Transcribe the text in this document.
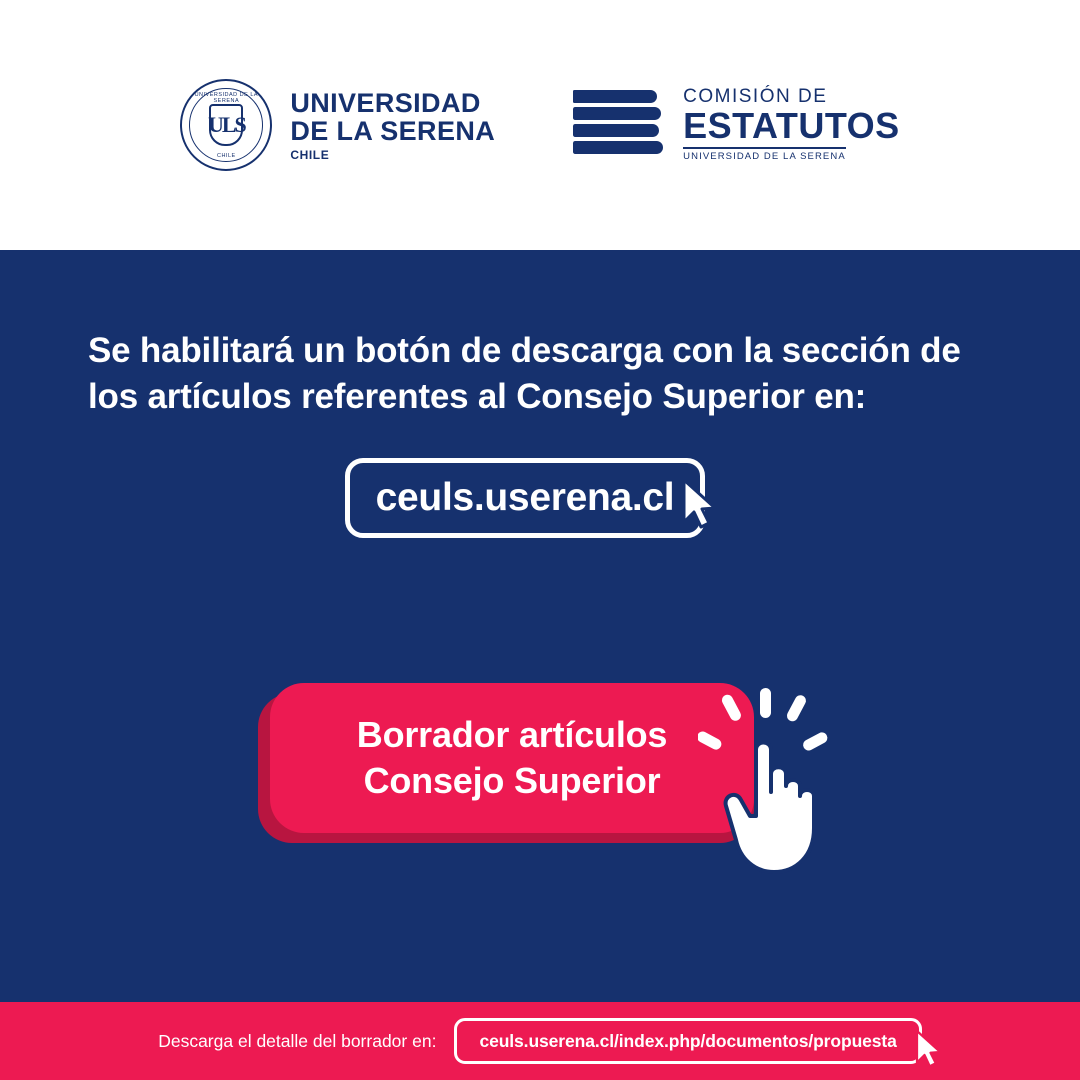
UNIVERSIDAD DE LA SERENA
ULS
CHILE
UNIVERSIDAD
DE LA SERENA
CHILE
COMISIÓN DE
ESTATUTOS
UNIVERSIDAD DE LA SERENA
Se habilitará un botón de descarga con la sección de los artículos referentes al Consejo Superior en:
ceuls.userena.cl
Borrador artículos
Consejo Superior
Descarga el detalle del borrador en: ceuls.userena.cl/index.php/documentos/propuesta
